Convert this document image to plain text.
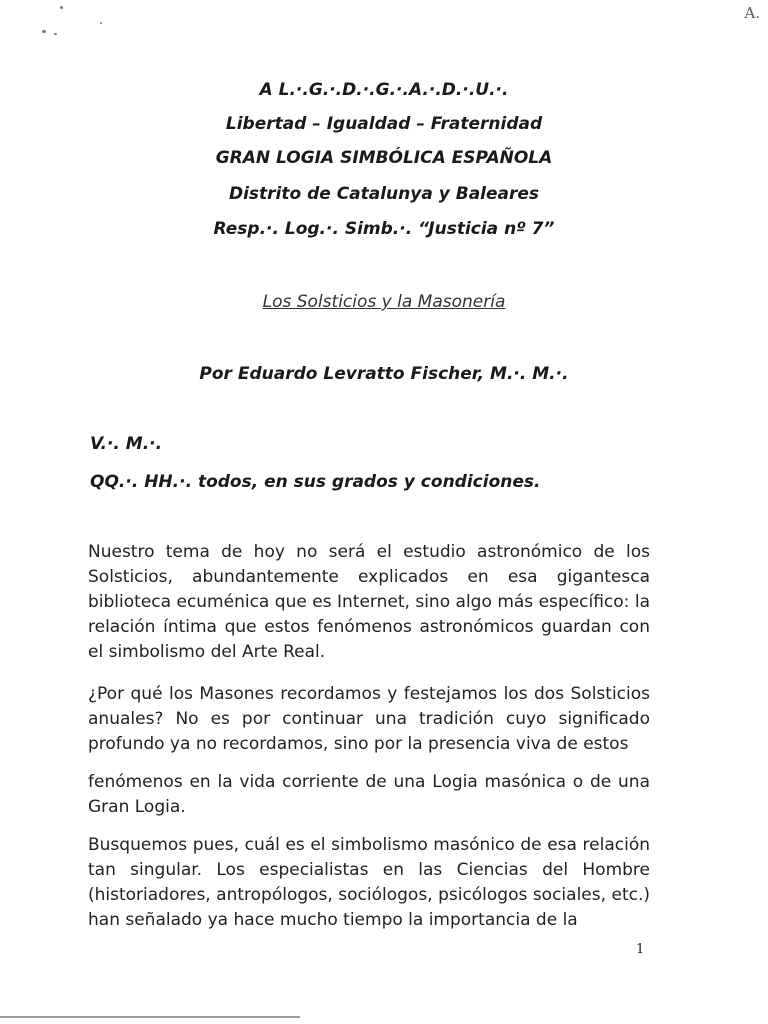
A.
A L.·.G.·.D.·.G.·.A.·.D.·.U.·.
Libertad – Igualdad – Fraternidad
GRAN LOGIA SIMBÓLICA ESPAÑOLA
Distrito de Catalunya y Baleares
Resp.·. Log.·. Simb.·. “Justicia nº 7”
Los Solsticios y la Masonería
Por Eduardo Levratto Fischer, M.·. M.·.
V.·. M.·.
QQ.·. HH.·. todos, en sus grados y condiciones.
Nuestro tema de hoy no será el estudio astronómico de los Solsticios, abundantemente explicados en esa gigantesca biblioteca ecuménica que es Internet, sino algo más específico: la relación íntima que estos fenómenos astronómicos guardan con el simbolismo del Arte Real.
¿Por qué los Masones recordamos y festejamos los dos Solsticios anuales? No es por continuar una tradición cuyo significado profundo ya no recordamos, sino por la presencia viva de estos
fenómenos en la vida corriente de una Logia masónica o de una Gran Logia.
Busquemos pues, cuál es el simbolismo masónico de esa relación tan singular. Los especialistas en las Ciencias del Hombre (historiadores, antropólogos, sociólogos, psicólogos sociales, etc.) han señalado ya hace mucho tiempo la importancia de la
1
